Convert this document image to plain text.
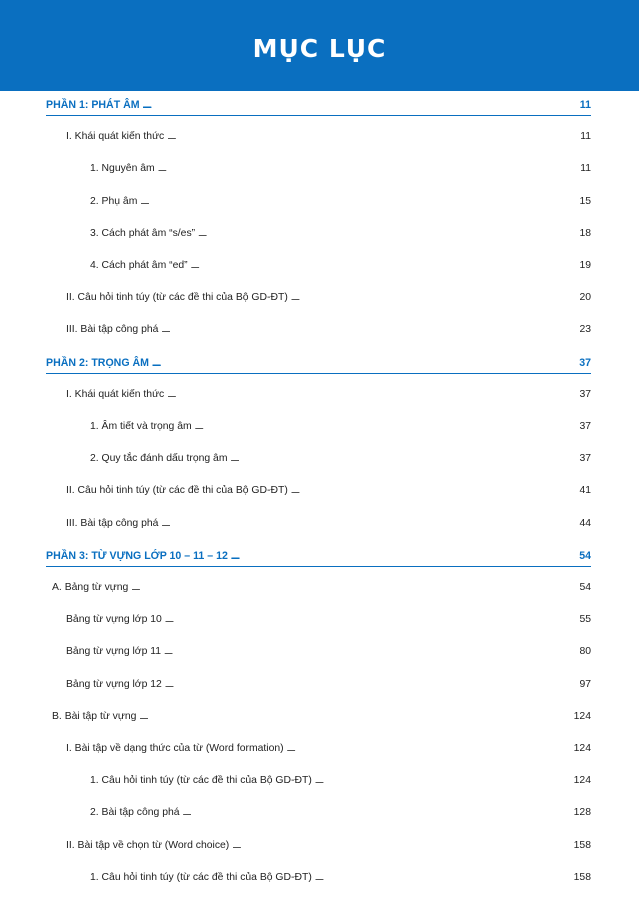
MỤC LỤC
PHẦN 1: PHÁT ÂM . . .	11
I. Khái quát kiến thức . . .	11
1. Nguyên âm . . .	11
2. Phụ âm . . .	15
3. Cách phát âm “s/es” . . .	18
4. Cách phát âm “ed” . . .	19
II. Câu hỏi tinh túy (từ các đề thi của Bộ GD-ĐT) . . .	20
III. Bài tập công phá . . .	23
PHẦN 2: TRỌNG ÂM . . .	37
I. Khái quát kiến thức . . .	37
1. Âm tiết và trọng âm . . .	37
2. Quy tắc đánh dấu trọng âm . . .	37
II. Câu hỏi tinh túy (từ các đề thi của Bộ GD-ĐT) . . .	41
III. Bài tập công phá . . .	44
PHẦN 3: TỪ VỰNG LỚP 10 – 11 – 12 . . .	54
A. Bảng từ vựng . . .	54
Bảng từ vựng lớp 10 . . .	55
Bảng từ vựng lớp 11 . . .	80
Bảng từ vựng lớp 12 . . .	97
B. Bài tập từ vựng . . .	124
I. Bài tập về dạng thức của từ (Word formation) . . .	124
1. Câu hỏi tinh túy (từ các đề thi của Bộ GD-ĐT) . . .	124
2. Bài tập công phá . . .	128
II. Bài tập về chọn từ (Word choice) . . .	158
1. Câu hỏi tinh túy (từ các đề thi của Bộ GD-ĐT) . . .	158
